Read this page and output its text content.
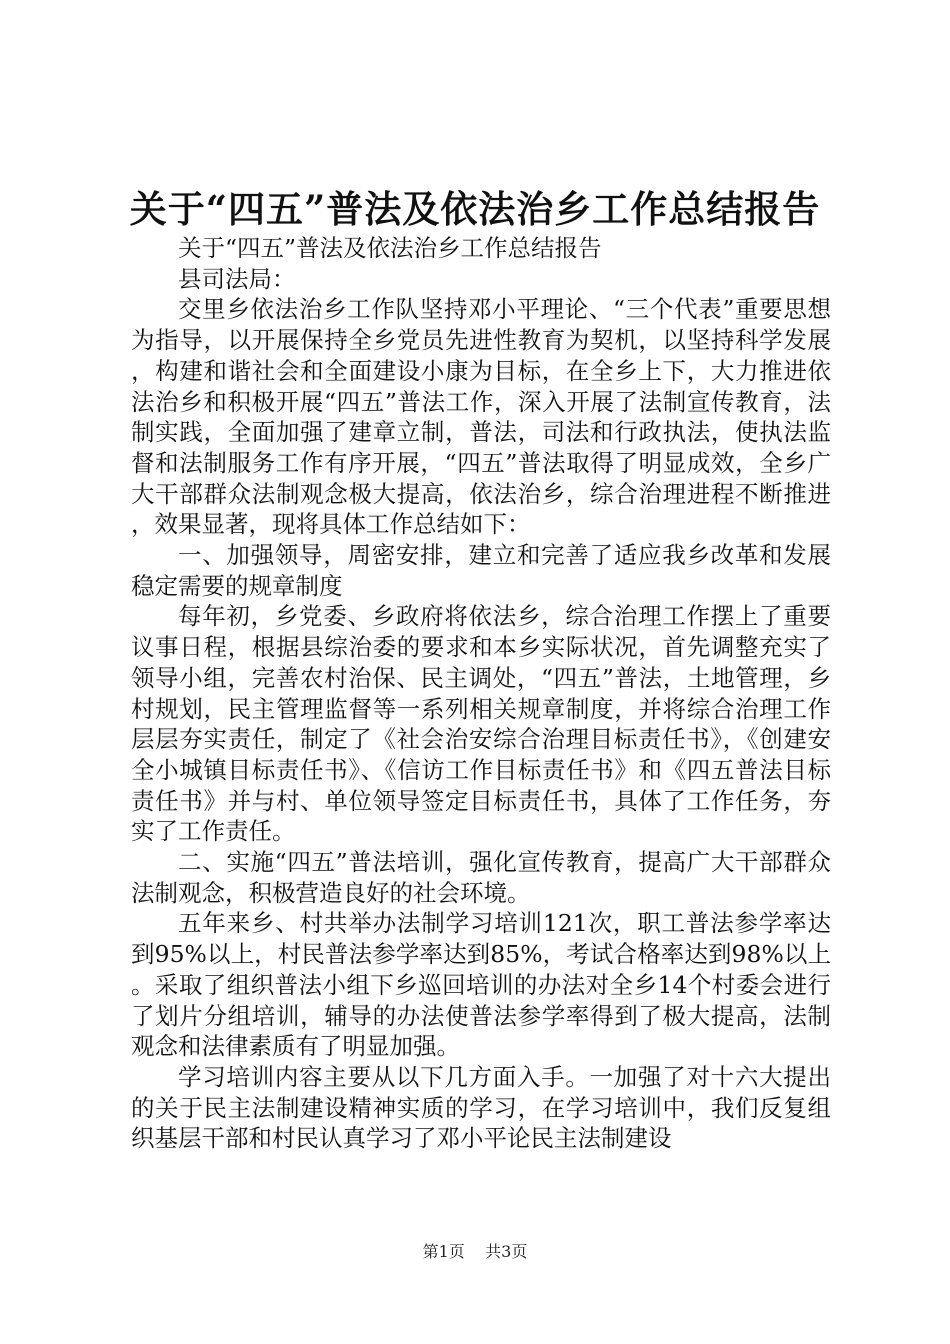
关于“四五”普法及依法治乡工作总结报告

关于“四五”普法及依法治乡工作总结报告

县司法局：

交里乡依法治乡工作队坚持邓小平理论、“三个代表”重要思想为指导，以开展保持全乡党员先进性教育为契机，以坚持科学发展，构建和谐社会和全面建设小康为目标，在全乡上下，大力推进依法治乡和积极开展“四五”普法工作，深入开展了法制宣传教育，法制实践，全面加强了建章立制，普法，司法和行政执法，使执法监督和法制服务工作有序开展，“四五”普法取得了明显成效，全乡广大干部群众法制观念极大提高，依法治乡，综合治理进程不断推进，效果显著，现将具体工作总结如下：

一、加强领导，周密安排，建立和完善了适应我乡改革和发展稳定需要的规章制度

每年初，乡党委、乡政府将依法乡，综合治理工作摆上了重要议事日程，根据县综治委的要求和本乡实际状况，首先调整充实了领导小组，完善农村治保、民主调处，“四五”普法，土地管理，乡村规划，民主管理监督等一系列相关规章制度，并将综合治理工作层层夯实责任，制定了《社会治安综合治理目标责任书》，《创建安全小城镇目标责任书》、《信访工作目标责任书》和《四五普法目标责任书》并与村、单位领导签定目标责任书，具体了工作任务，夯实了工作责任。

二、实施“四五”普法培训，强化宣传教育，提高广大干部群众法制观念，积极营造良好的社会环境。

五年来乡、村共举办法制学习培训121次，职工普法参学率达到95%以上，村民普法参学率达到85%，考试合格率达到98%以上。采取了组织普法小组下乡巡回培训的办法对全乡14个村委会进行了划片分组培训，辅导的办法使普法参学率得到了极大提高，法制观念和法律素质有了明显加强。

学习培训内容主要从以下几方面入手。一加强了对十六大提出的关于民主法制建设精神实质的学习，在学习培训中，我们反复组织基层干部和村民认真学习了邓小平论民主法制建设

第1页 共3页
